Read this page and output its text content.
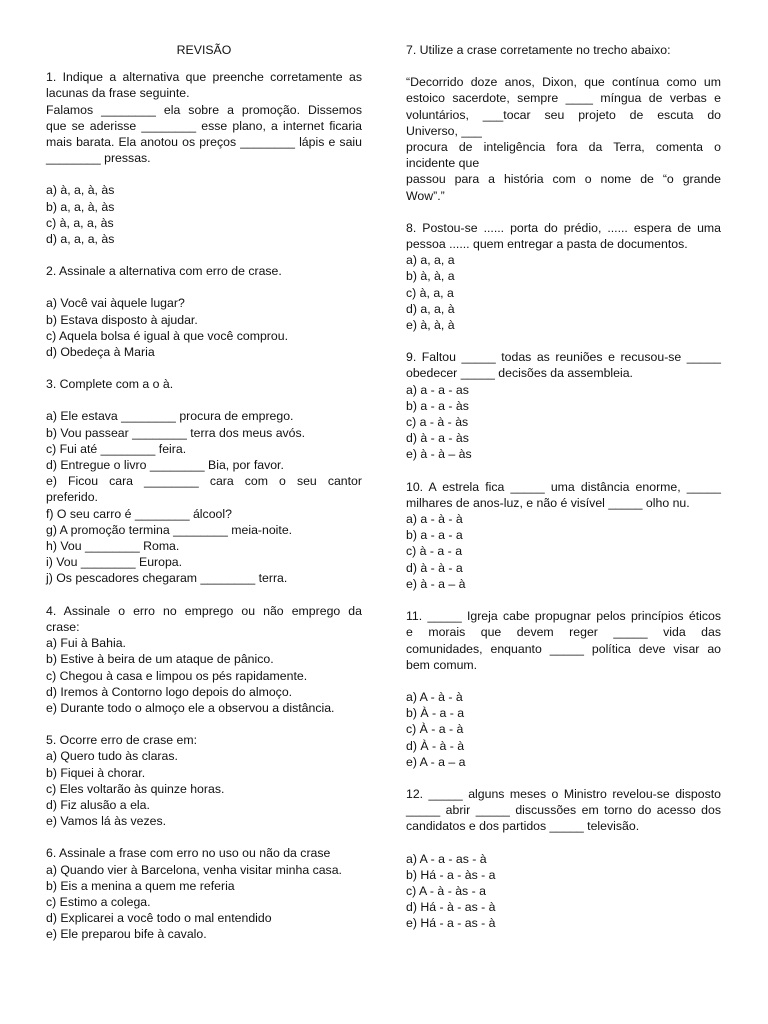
REVISÃO
1. Indique a alternativa que preenche corretamente as
lacunas da frase seguinte.
Falamos ________ ela sobre a promoção. Dissemos
que se aderisse ________ esse plano, a internet ficaria
mais barata. Ela anotou os preços ________ lápis e saiu
________ pressas.
a) à, a, à, às
b) a, a, à, às
c) à, a, a, às
d) a, a, a, às
2. Assinale a alternativa com erro de crase.
a) Você vai àquele lugar?
b) Estava disposto à ajudar.
c) Aquela bolsa é igual à que você comprou.
d) Obedeça à Maria
3. Complete com a o à.
a) Ele estava ________ procura de emprego.
b) Vou passear ________ terra dos meus avós.
c) Fui até ________ feira.
d) Entregue o livro ________ Bia, por favor.
e) Ficou cara ________ cara com o seu cantor
preferido.
f) O seu carro é ________ álcool?
g) A promoção termina ________ meia-noite.
h) Vou ________ Roma.
i) Vou ________ Europa.
j) Os pescadores chegaram ________ terra.
4. Assinale o erro no emprego ou não emprego da
crase:
a) Fui à Bahia.
b) Estive à beira de um ataque de pânico.
c) Chegou à casa e limpou os pés rapidamente.
d) Iremos à Contorno logo depois do almoço.
e) Durante todo o almoço ele a observou a distância.
5. Ocorre erro de crase em:
a) Quero tudo às claras.
b) Fiquei à chorar.
c) Eles voltarão às quinze horas.
d) Fiz alusão a ela.
e) Vamos lá às vezes.
6. Assinale a frase com erro no uso ou não da crase
a) Quando vier à Barcelona, venha visitar minha casa.
b) Eis a menina a quem me referia
c) Estimo a colega.
d) Explicarei a você todo o mal entendido
e) Ele preparou bife à cavalo.
7. Utilize a crase corretamente no trecho abaixo:
“Decorrido doze anos, Dixon, que contínua como um
estoico sacerdote, sempre ____ míngua de verbas e
voluntários, ___tocar seu projeto de escuta do
Universo, ___
procura de inteligência fora da Terra, comenta o
incidente que
passou para a história com o nome de “o grande
Wow”.”
8. Postou-se ...... porta do prédio, ...... espera de uma
pessoa ...... quem entregar a pasta de documentos.
a) a, a, a
b) à, à, a
c) à, a, a
d) a, a, à
e) à, à, à
9. Faltou _____ todas as reuniões e recusou-se _____
obedecer _____ decisões da assembleia.
a) a - a - as
b) a - a - às
c) a - à - às
d) à - a - às
e) à - à – às
10. A estrela fica _____ uma distância enorme, _____
milhares de anos-luz, e não é visível _____ olho nu.
a) a - à - à
b) a - a - a
c) à - a - a
d) à - à - a
e) à - a – à
11. _____ Igreja cabe propugnar pelos princípios éticos
e morais que devem reger _____ vida das
comunidades, enquanto _____ política deve visar ao
bem comum.
a) A - à - à
b) À - a - a
c) À - a - à
d) À - à - à
e) A - a – a
12. _____ alguns meses o Ministro revelou-se disposto
_____ abrir _____ discussões em torno do acesso dos
candidatos e dos partidos _____ televisão.
a) A - a - as - à
b) Há - a - às - a
c) A - à - às - a
d) Há - à - as - à
e) Há - a - as - à
